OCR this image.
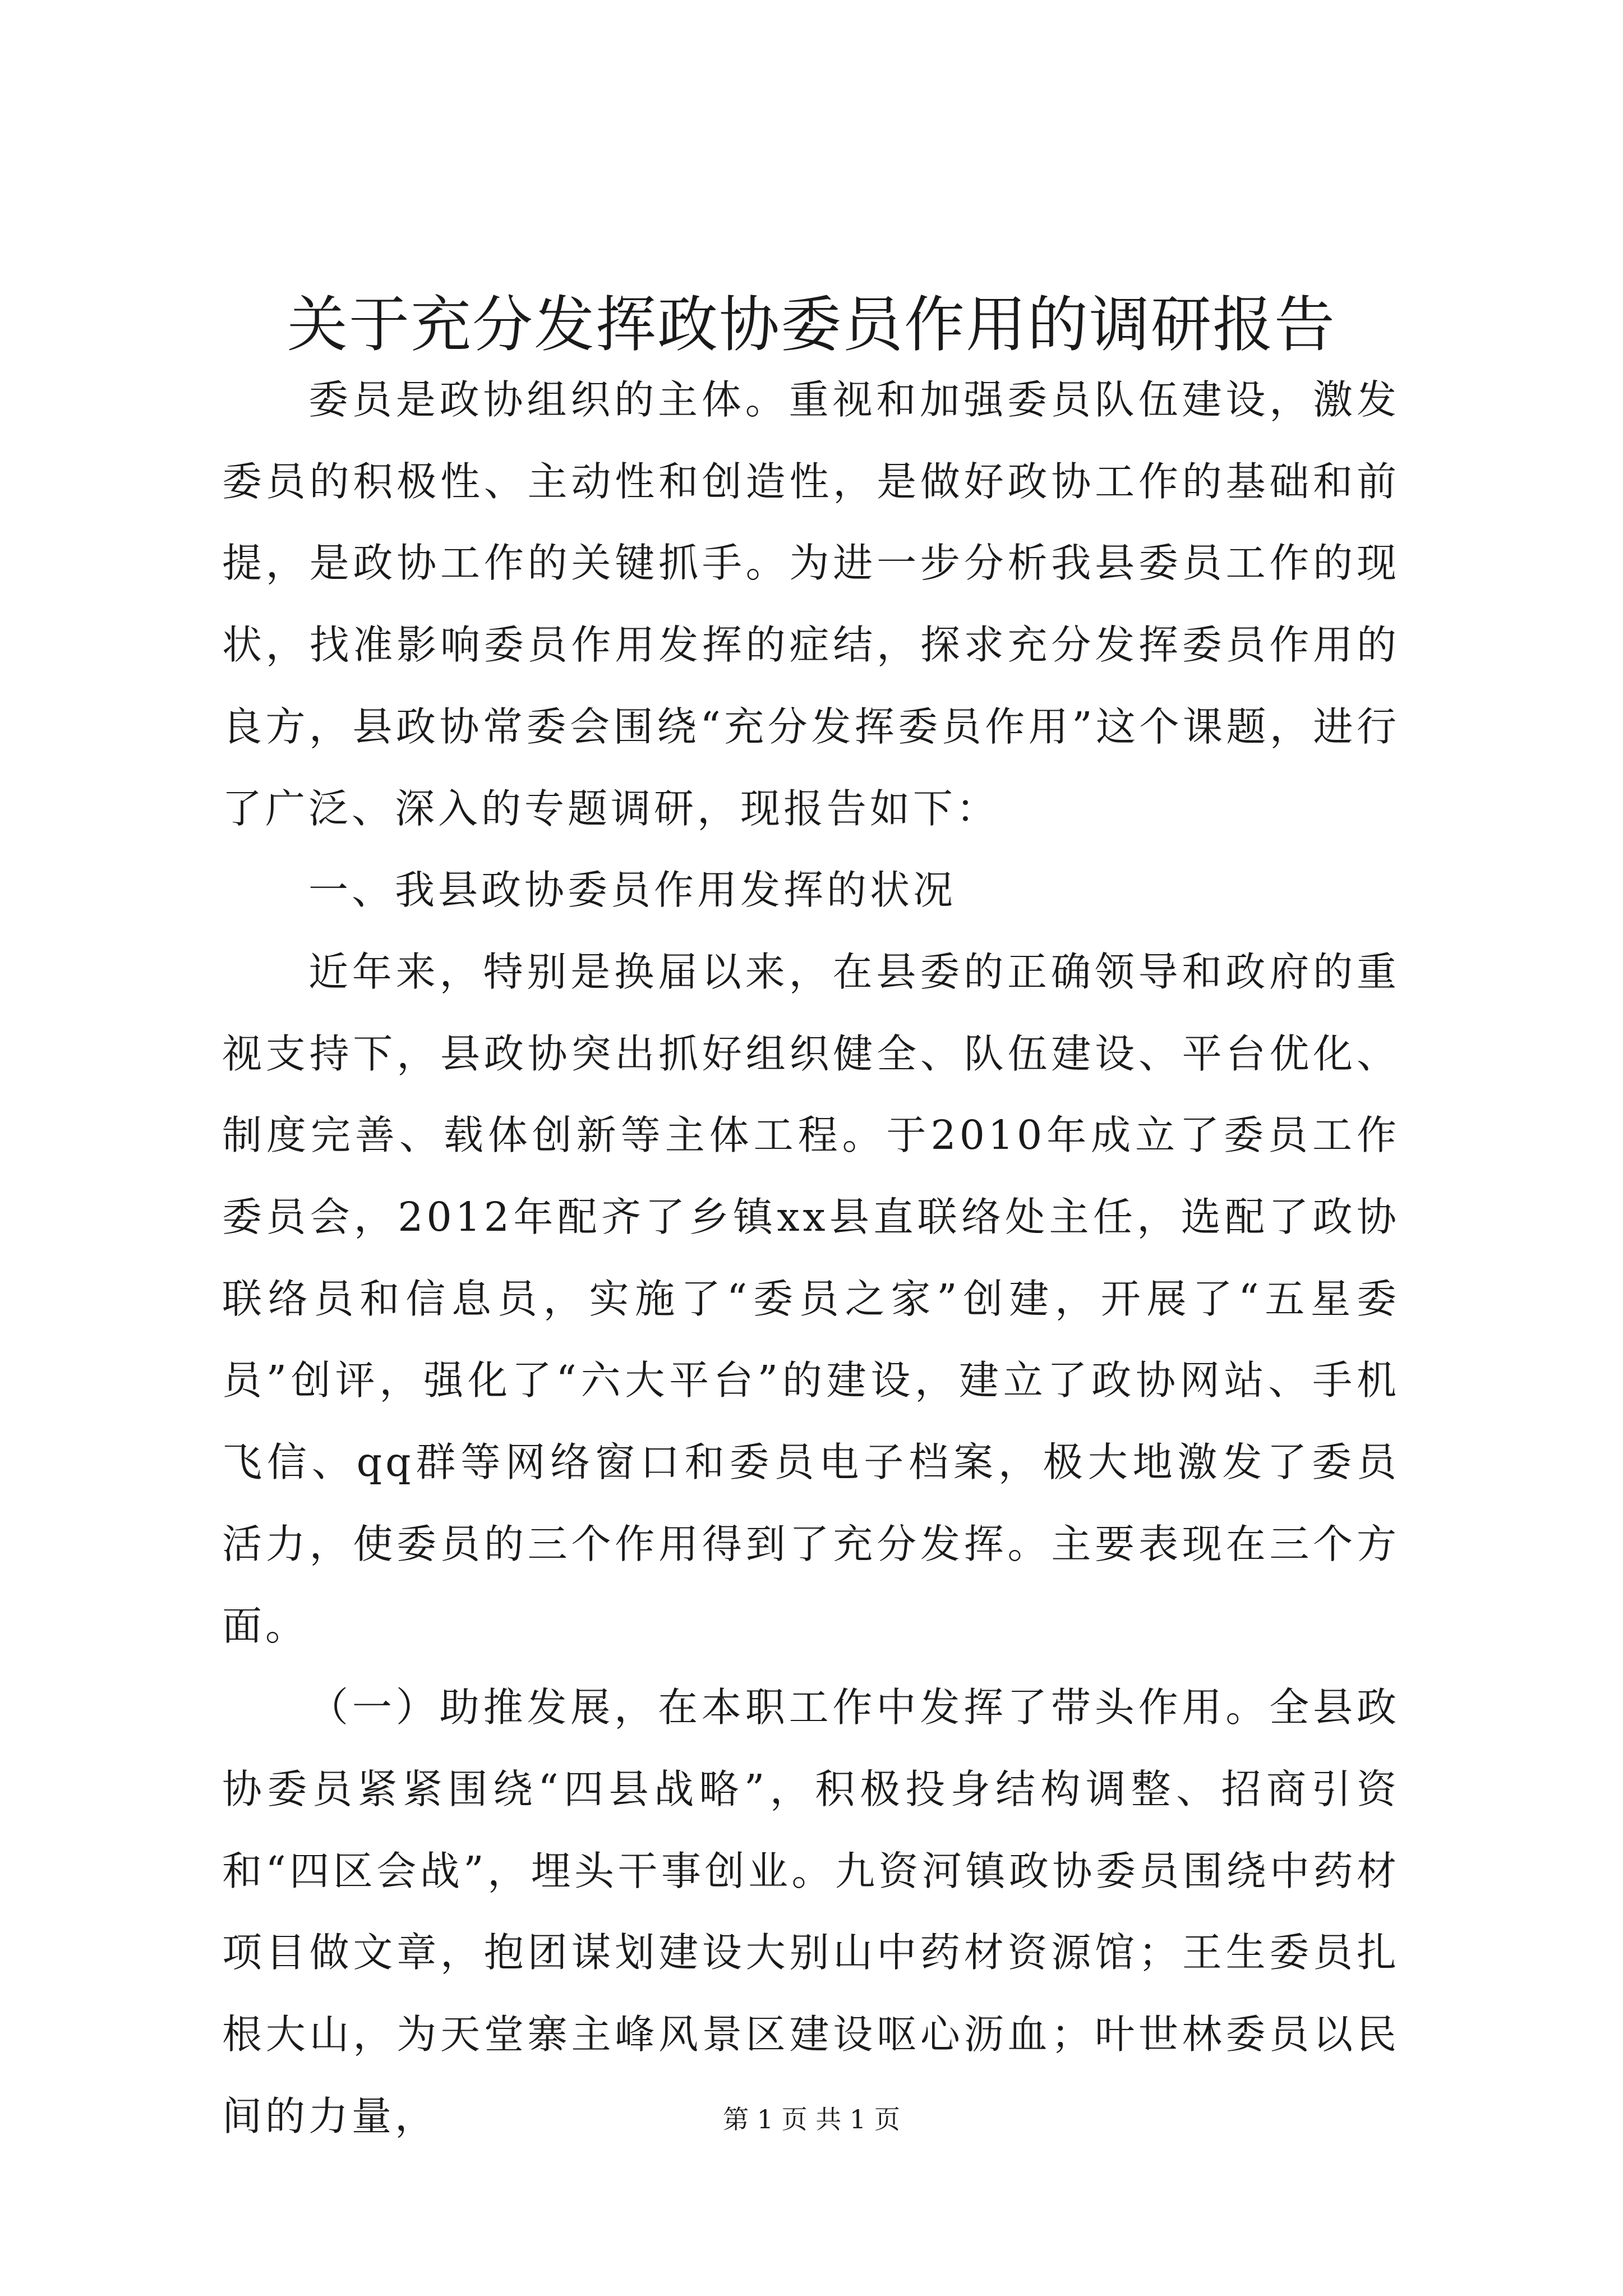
关于充分发挥政协委员作用的调研报告

委员是政协组织的主体。重视和加强委员队伍建设，激发委员的积极性、主动性和创造性，是做好政协工作的基础和前提，是政协工作的关键抓手。为进一步分析我县委员工作的现状，找准影响委员作用发挥的症结，探求充分发挥委员作用的良方，县政协常委会围绕“充分发挥委员作用”这个课题，进行了广泛、深入的专题调研，现报告如下：

一、我县政协委员作用发挥的状况

近年来，特别是换届以来，在县委的正确领导和政府的重视支持下，县政协突出抓好组织健全、队伍建设、平台优化、制度完善、载体创新等主体工程。于2010年成立了委员工作委员会，2012年配齐了乡镇xx县直联络处主任，选配了政协联络员和信息员，实施了“委员之家”创建，开展了“五星委员”创评，强化了“六大平台”的建设，建立了政协网站、手机飞信、qq群等网络窗口和委员电子档案，极大地激发了委员活力，使委员的三个作用得到了充分发挥。主要表现在三个方面。

（一）助推发展，在本职工作中发挥了带头作用。全县政协委员紧紧围绕“四县战略”，积极投身结构调整、招商引资和“四区会战”，埋头干事创业。九资河镇政协委员围绕中药材项目做文章，抱团谋划建设大别山中药材资源馆；王生委员扎根大山，为天堂寨主峰风景区建设呕心沥血；叶世林委员以民间的力量，	第 1 页 共 1 页
